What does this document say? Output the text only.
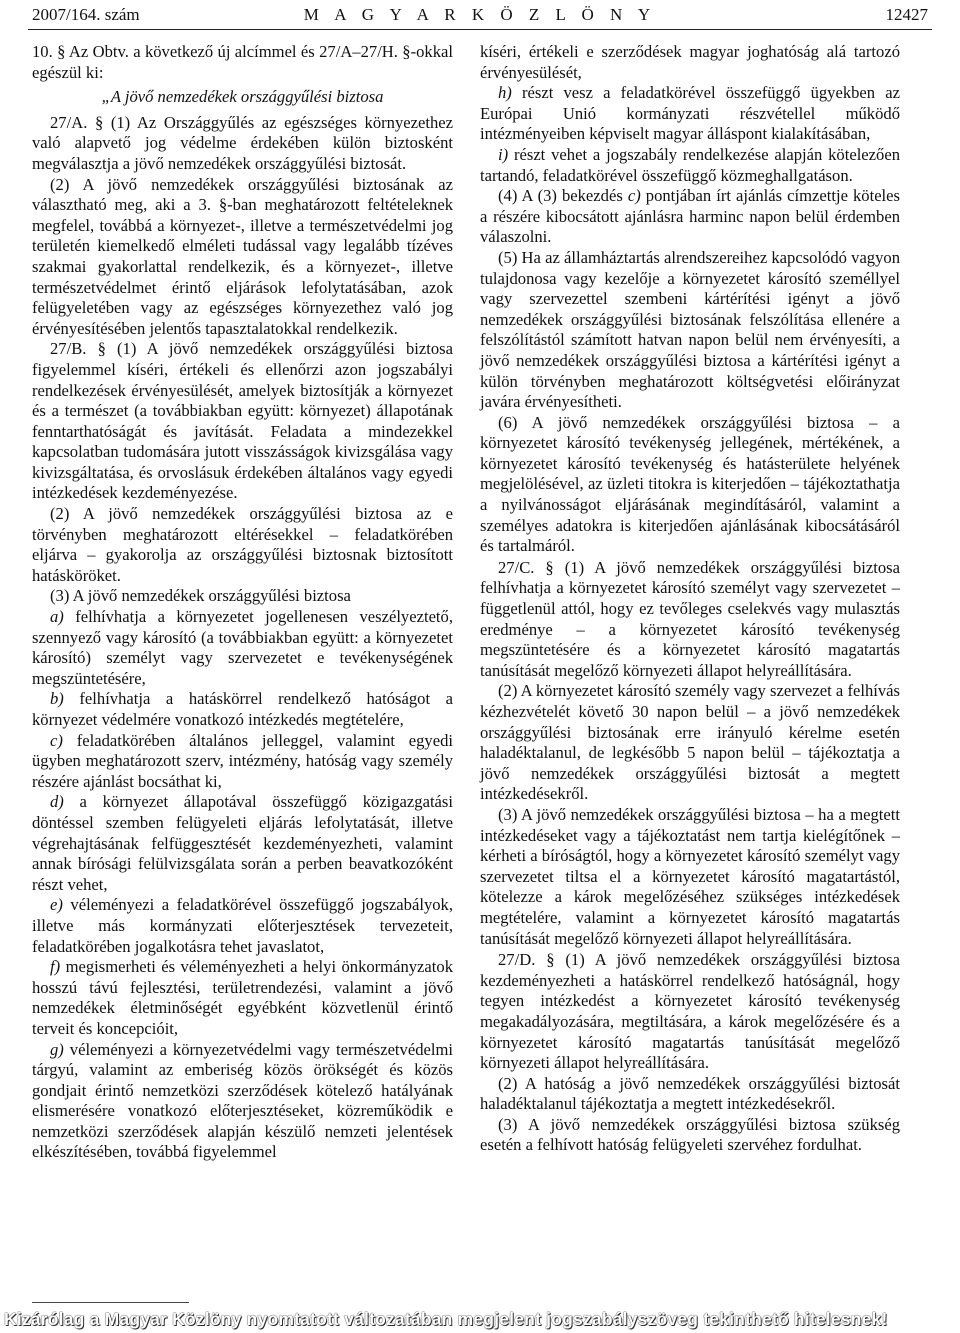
2007/164. szám	M A G Y A R K Ö Z L Ö N Y	12427

10. § Az Obtv. a következő új alcímmel és 27/A–27/H. §-okkal egészül ki:

„A jövő nemzedékek országgyűlési biztosa

27/A. § (1) Az Országgyűlés az egészséges környezethez való alapvető jog védelme érdekében külön biztosként megválasztja a jövő nemzedékek országgyűlési biztosát.

(2) A jövő nemzedékek országgyűlési biztosának az választható meg, aki a 3. §-ban meghatározott feltételeknek megfelel, továbbá a környezet-, illetve a természetvédelmi jog területén kiemelkedő elméleti tudással vagy legalább tízéves szakmai gyakorlattal rendelkezik, és a környezet-, illetve természetvédelmet érintő eljárások lefolytatásában, azok felügyeletében vagy az egészséges környezethez való jog érvényesítésében jelentős tapasztalatokkal rendelkezik.

27/B. § (1) A jövő nemzedékek országgyűlési biztosa figyelemmel kíséri, értékeli és ellenőrzi azon jogszabályi rendelkezések érvényesülését, amelyek biztosítják a környezet és a természet (a továbbiakban együtt: környezet) állapotának fenntarthatóságát és javítását. Feladata a mindezekkel kapcsolatban tudomására jutott visszásságok kivizsgálása vagy kivizsgáltatása, és orvoslásuk érdekében általános vagy egyedi intézkedések kezdeményezése.

(2) A jövő nemzedékek országgyűlési biztosa az e törvényben meghatározott eltérésekkel – feladatkörében eljárva – gyakorolja az országgyűlési biztosnak biztosított hatásköröket.

(3) A jövő nemzedékek országgyűlési biztosa

a) felhívhatja a környezetet jogellenesen veszélyeztető, szennyező vagy károsító (a továbbiakban együtt: a környezetet károsító) személyt vagy szervezetet e tevékenységének megszüntetésére,

b) felhívhatja a hatáskörrel rendelkező hatóságot a környezet védelmére vonatkozó intézkedés megtételére,

c) feladatkörében általános jelleggel, valamint egyedi ügyben meghatározott szerv, intézmény, hatóság vagy személy részére ajánlást bocsáthat ki,

d) a környezet állapotával összefüggő közigazgatási döntéssel szemben felügyeleti eljárás lefolytatását, illetve végrehajtásának felfüggesztését kezdeményezheti, valamint annak bírósági felülvizsgálata során a perben beavatkozóként részt vehet,

e) véleményezi a feladatkörével összefüggő jogszabályok, illetve más kormányzati előterjesztések tervezeteit, feladatkörében jogalkotásra tehet javaslatot,

f) megismerheti és véleményezheti a helyi önkormányzatok hosszú távú fejlesztési, területrendezési, valamint a jövő nemzedékek életminőségét egyébként közvetlenül érintő terveit és koncepcióit,

g) véleményezi a környezetvédelmi vagy természetvédelmi tárgyú, valamint az emberiség közös örökségét és közös gondjait érintő nemzetközi szerződések kötelező hatályának elismerésére vonatkozó előterjesztéseket, közreműködik e nemzetközi szerződések alapján készülő nemzeti jelentések elkészítésében, továbbá figyelemmel

kíséri, értékeli e szerződések magyar joghatóság alá tartozó érvényesülését,

h) részt vesz a feladatkörével összefüggő ügyekben az Európai Unió kormányzati részvétellel működő intézményeiben képviselt magyar álláspont kialakításában,

i) részt vehet a jogszabály rendelkezése alapján kötelezően tartandó, feladatkörével összefüggő közmeghallgatáson.

(4) A (3) bekezdés c) pontjában írt ajánlás címzettje köteles a részére kibocsátott ajánlásra harminc napon belül érdemben válaszolni.

(5) Ha az államháztartás alrendszereihez kapcsolódó vagyon tulajdonosa vagy kezelője a környezetet károsító személlyel vagy szervezettel szembeni kártérítési igényt a jövő nemzedékek országgyűlési biztosának felszólítása ellenére a felszólítástól számított hatvan napon belül nem érvényesíti, a jövő nemzedékek országgyűlési biztosa a kártérítési igényt a külön törvényben meghatározott költségvetési előirányzat javára érvényesítheti.

(6) A jövő nemzedékek országgyűlési biztosa – a környezetet károsító tevékenység jellegének, mértékének, a környezetet károsító tevékenység és hatásterülete helyének megjelölésével, az üzleti titokra is kiterjedően – tájékoztathatja a nyilvánosságot eljárásának megindításáról, valamint a személyes adatokra is kiterjedően ajánlásának kibocsátásáról és tartalmáról.

27/C. § (1) A jövő nemzedékek országgyűlési biztosa felhívhatja a környezetet károsító személyt vagy szervezetet – függetlenül attól, hogy ez tevőleges cselekvés vagy mulasztás eredménye – a környezetet károsító tevékenység megszüntetésére és a környezetet károsító magatartás tanúsítását megelőző környezeti állapot helyreállítására.

(2) A környezetet károsító személy vagy szervezet a felhívás kézhezvételét követő 30 napon belül – a jövő nemzedékek országgyűlési biztosának erre irányuló kérelme esetén haladéktalanul, de legkésőbb 5 napon belül – tájékoztatja a jövő nemzedékek országgyűlési biztosát a megtett intézkedésekről.

(3) A jövő nemzedékek országgyűlési biztosa – ha a megtett intézkedéseket vagy a tájékoztatást nem tartja kielégítőnek – kérheti a bíróságtól, hogy a környezetet károsító személyt vagy szervezetet tiltsa el a környezetet károsító magatartástól, kötelezze a károk megelőzéséhez szükséges intézkedések megtételére, valamint a környezetet károsító magatartás tanúsítását megelőző környezeti állapot helyreállítására.

27/D. § (1) A jövő nemzedékek országgyűlési biztosa kezdeményezheti a hatáskörrel rendelkező hatóságnál, hogy tegyen intézkedést a környezetet károsító tevékenység megakadályozására, megtiltására, a károk megelőzésére és a környezetet károsító magatartás tanúsítását megelőző környezeti állapot helyreállítására.

(2) A hatóság a jövő nemzedékek országgyűlési biztosát haladéktalanul tájékoztatja a megtett intézkedésekről.

(3) A jövő nemzedékek országgyűlési biztosa szükség esetén a felhívott hatóság felügyeleti szervéhez fordulhat.

Kizárólag a Magyar Közlöny nyomtatott változatában megjelent jogszabályszöveg tekinthető hitelesnek!
